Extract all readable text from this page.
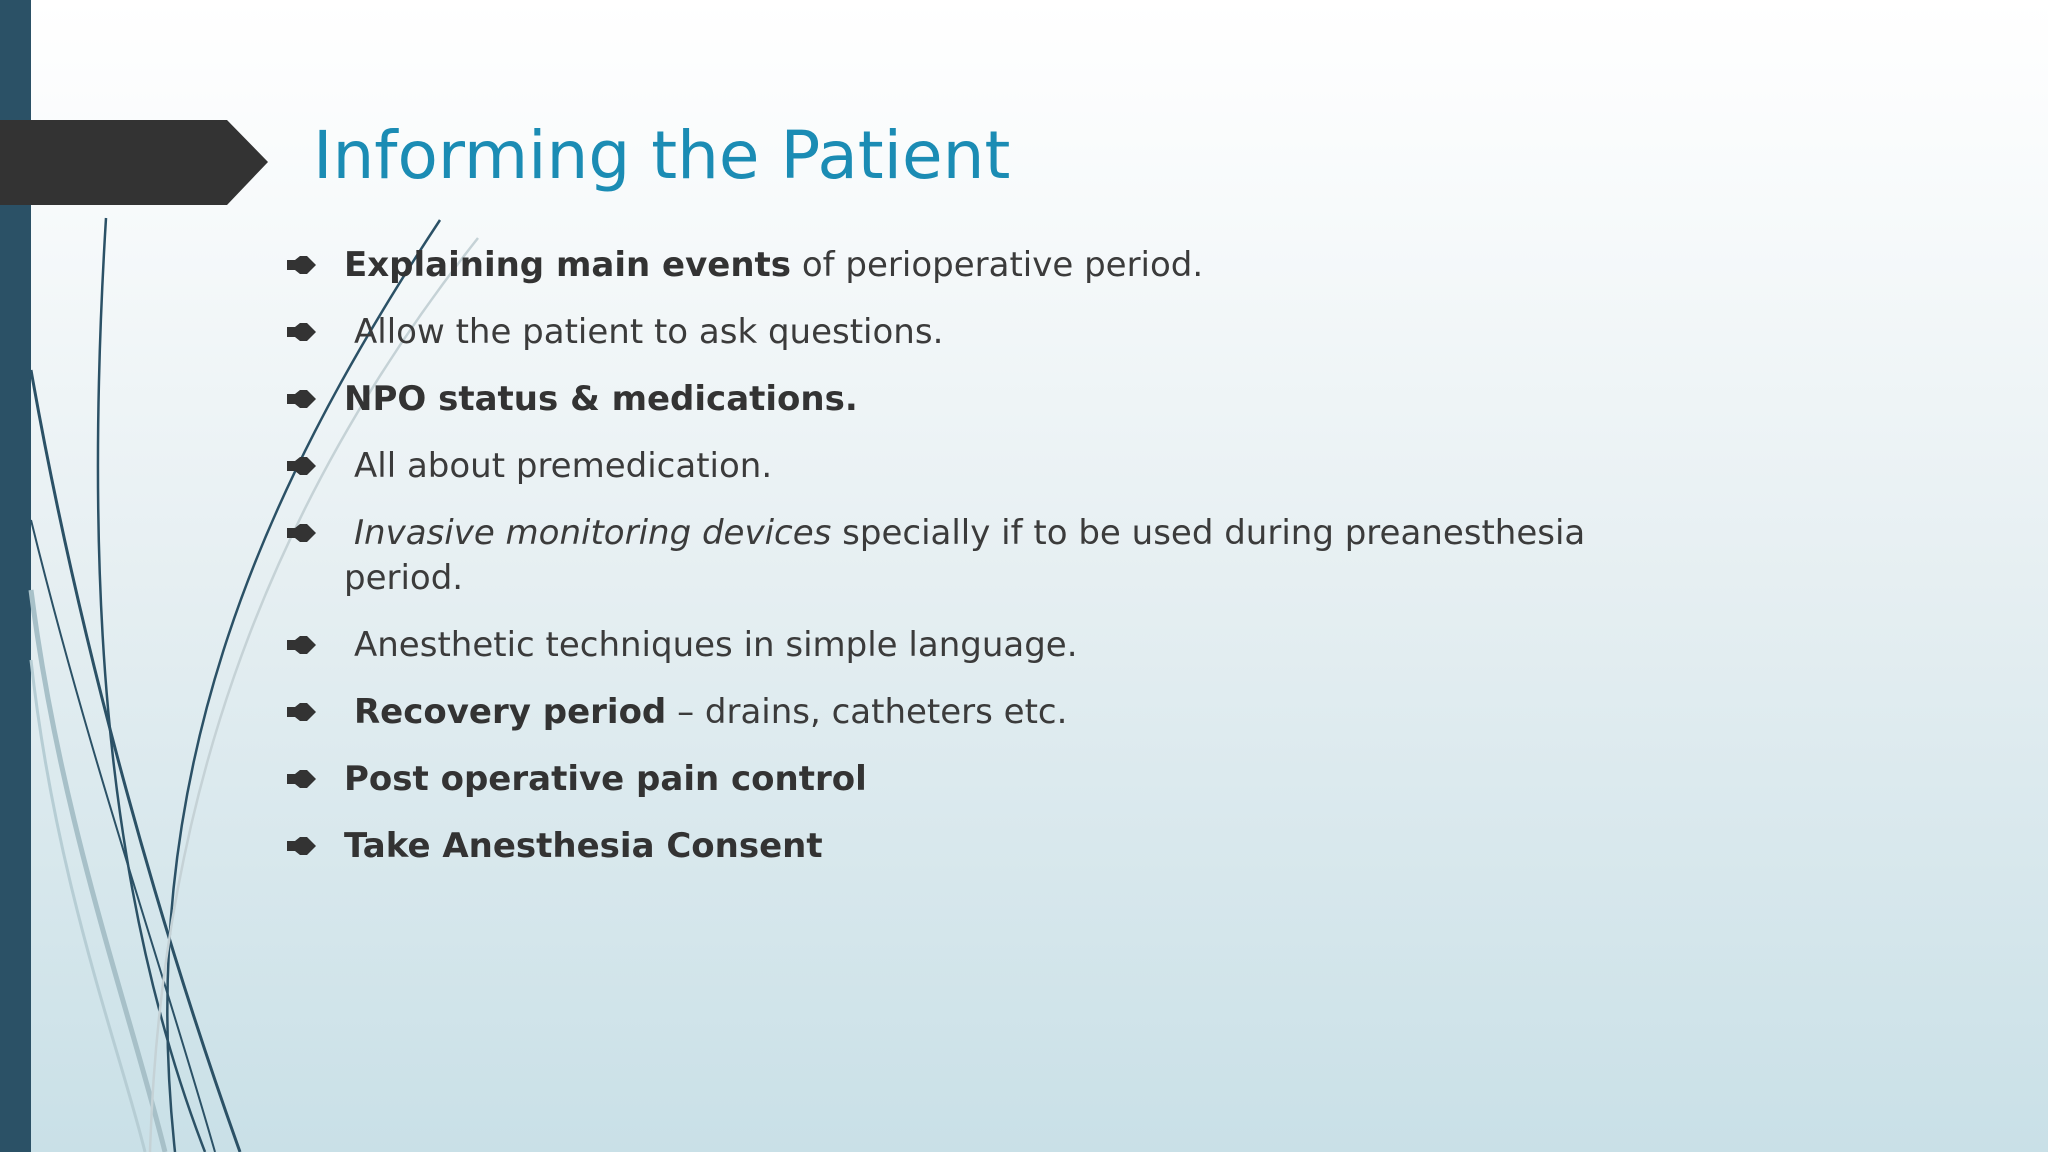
Informing the Patient
Explaining main events of perioperative period.
Allow the patient to ask questions.
NPO status & medications.
All about premedication.
Invasive monitoring devices specially if to be used during preanesthesia period.
Anesthetic techniques in simple language.
Recovery period – drains, catheters etc.
Post operative pain control
Take Anesthesia Consent
